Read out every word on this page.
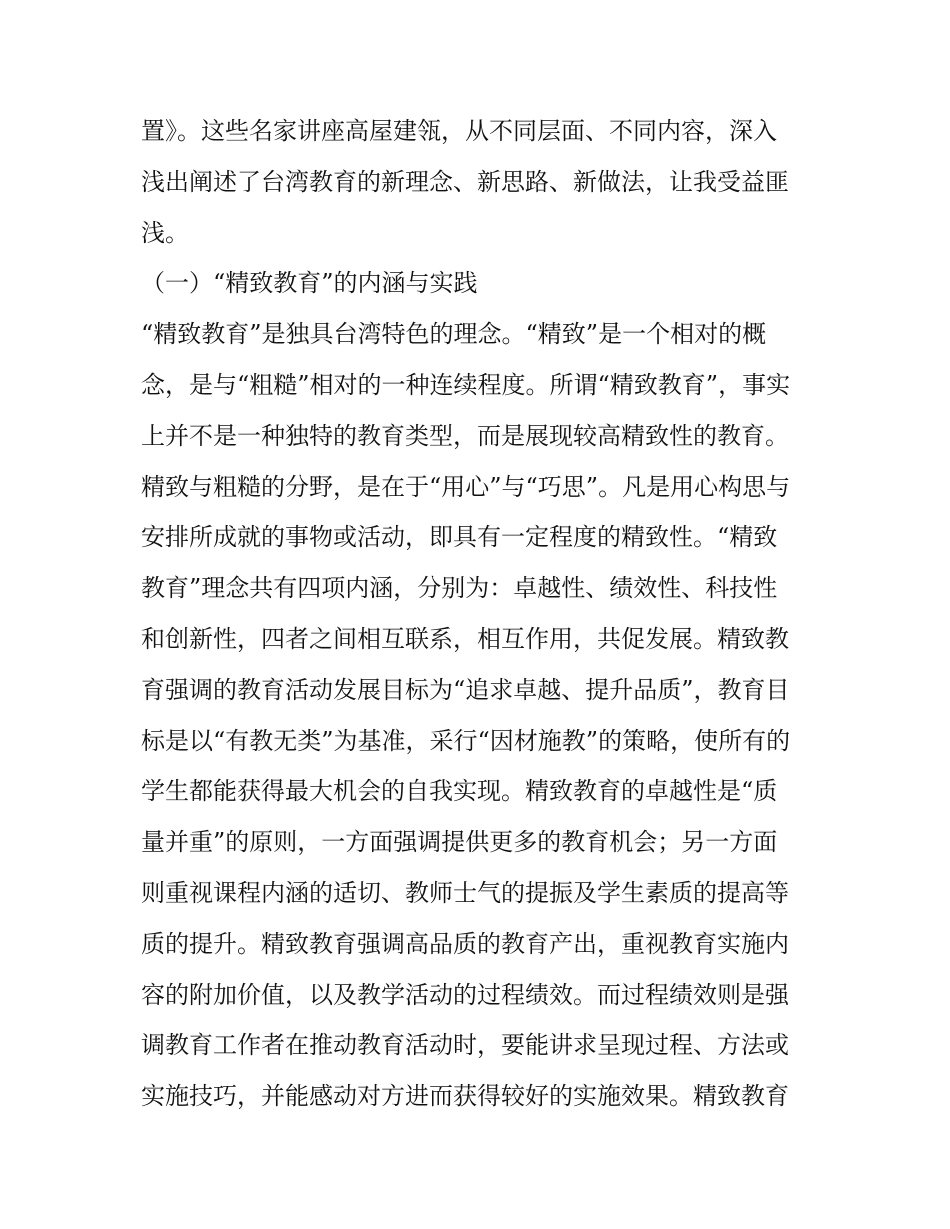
置》。这些名家讲座高屋建瓴，从不同层面、不同内容，深入
浅出阐述了台湾教育的新理念、新思路、新做法，让我受益匪
浅。
（一）“精致教育”的内涵与实践
“精致教育”是独具台湾特色的理念。“精致”是一个相对的概
念，是与“粗糙”相对的一种连续程度。所谓“精致教育”，事实
上并不是一种独特的教育类型，而是展现较高精致性的教育。
精致与粗糙的分野，是在于“用心”与“巧思”。凡是用心构思与
安排所成就的事物或活动，即具有一定程度的精致性。“精致
教育”理念共有四项内涵，分别为：卓越性、绩效性、科技性
和创新性，四者之间相互联系，相互作用，共促发展。精致教
育强调的教育活动发展目标为“追求卓越、提升品质”，教育目
标是以“有教无类”为基准，采行“因材施教”的策略，使所有的
学生都能获得最大机会的自我实现。精致教育的卓越性是“质
量并重”的原则，一方面强调提供更多的教育机会；另一方面
则重视课程内涵的适切、教师士气的提振及学生素质的提高等
质的提升。精致教育强调高品质的教育产出，重视教育实施内
容的附加价值，以及教学活动的过程绩效。而过程绩效则是强
调教育工作者在推动教育活动时，要能讲求呈现过程、方法或
实施技巧，并能感动对方进而获得较好的实施效果。精致教育
